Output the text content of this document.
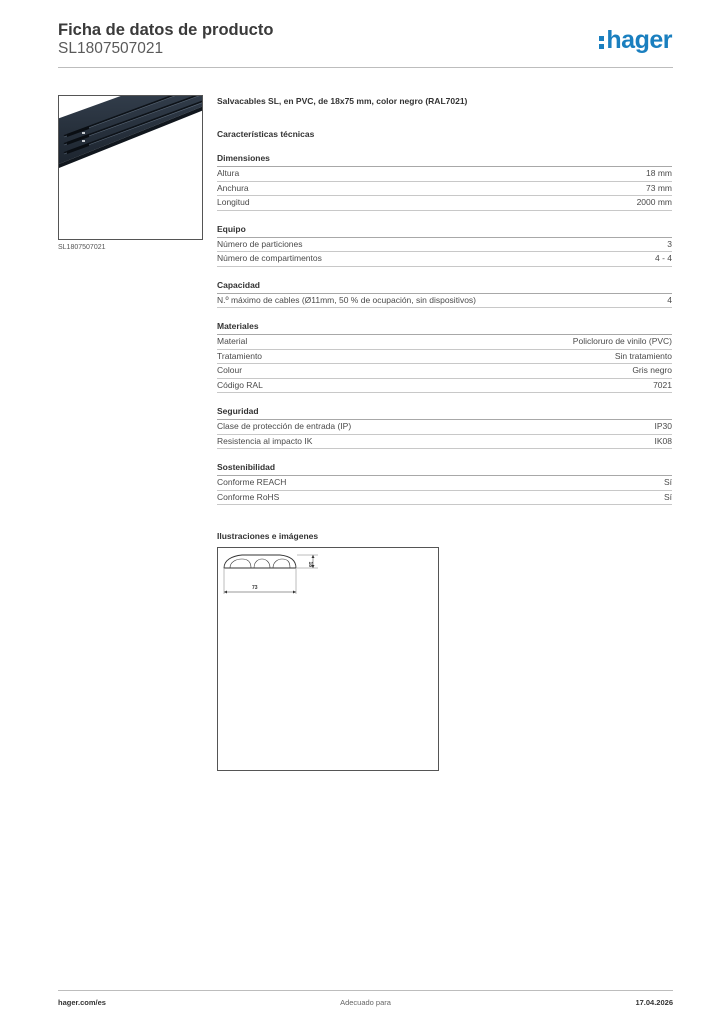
Ficha de datos de producto
SL1807507021	hager
SL1807507021
Salvacables SL, en PVC, de 18x75 mm, color negro (RAL7021)
Características técnicas
Dimensiones
Altura	18 mm
Anchura	73 mm
Longitud	2000 mm
Equipo
Número de particiones	3
Número de compartimentos	4 - 4
Capacidad
N.º máximo de cables (Ø11mm, 50 % de ocupación, sin dispositivos)	4
Materiales
Material	Policloruro de vinilo (PVC)
Tratamiento	Sin tratamiento
Colour	Gris negro
Código RAL	7021
Seguridad
Clase de protección de entrada (IP)	IP30
Resistencia al impacto IK	IK08
Sostenibilidad
Conforme REACH	Sí
Conforme RoHS	Sí
Ilustraciones e imágenes
18
73
hager.com/es	Adecuado para	17.04.2026
